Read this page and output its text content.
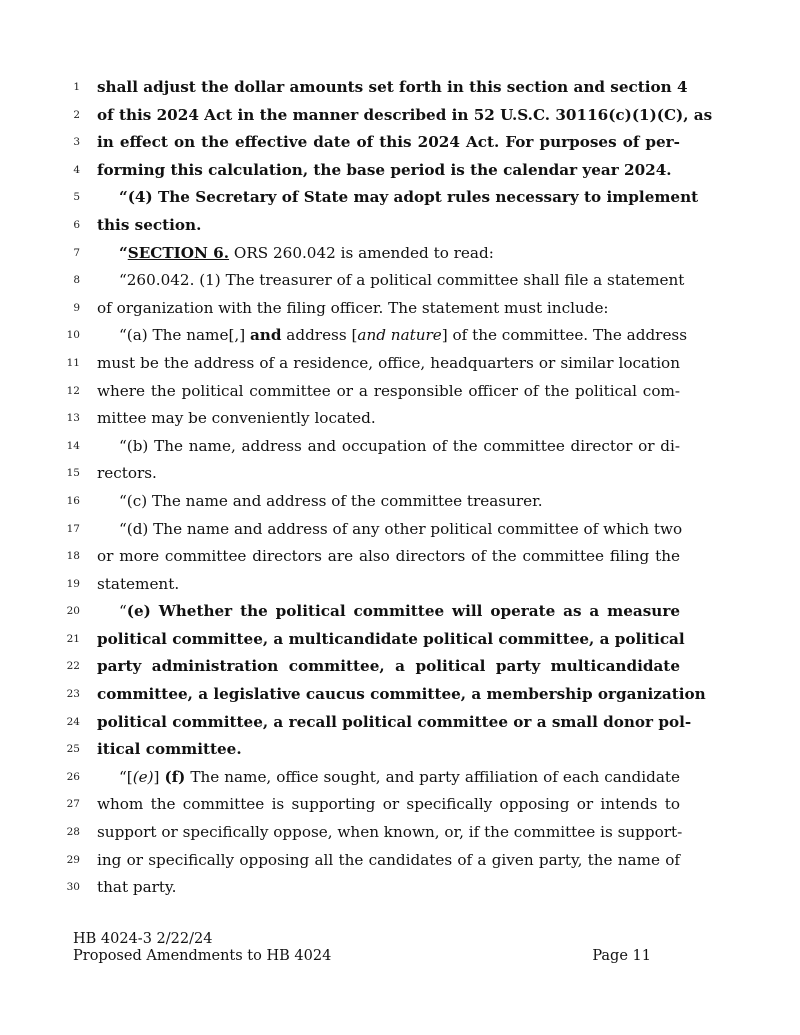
1 shall adjust the dollar amounts set forth in this section and section 4
2 of this 2024 Act in the manner described in 52 U.S.C. 30116(c)(1)(C), as
3 in effect on the effective date of this 2024 Act. For purposes of per-
4 forming this calculation, the base period is the calendar year 2024.
5	“(4) The Secretary of State may adopt rules necessary to implement
6 this section.
7	“SECTION 6. ORS 260.042 is amended to read:
8	“260.042. (1) The treasurer of a political committee shall file a statement
9 of organization with the filing officer. The statement must include:
10	“(a) The name[,] and address [and nature] of the committee. The address
11 must be the address of a residence, office, headquarters or similar location
12 where the political committee or a responsible officer of the political com-
13 mittee may be conveniently located.
14	“(b) The name, address and occupation of the committee director or di-
15 rectors.
16	“(c) The name and address of the committee treasurer.
17	“(d) The name and address of any other political committee of which two
18 or more committee directors are also directors of the committee filing the
19 statement.
20	“(e) Whether the political committee will operate as a measure
21 political committee, a multicandidate political committee, a political
22 party administration committee, a political party multicandidate
23 committee, a legislative caucus committee, a membership organization
24 political committee, a recall political committee or a small donor pol-
25 itical committee.
26	“[(e)] (f) The name, office sought, and party affiliation of each candidate
27 whom the committee is supporting or specifically opposing or intends to
28 support or specifically oppose, when known, or, if the committee is support-
29 ing or specifically opposing all the candidates of a given party, the name of
30 that party.
HB 4024-3 2/22/24
Proposed Amendments to HB 4024	Page 11
